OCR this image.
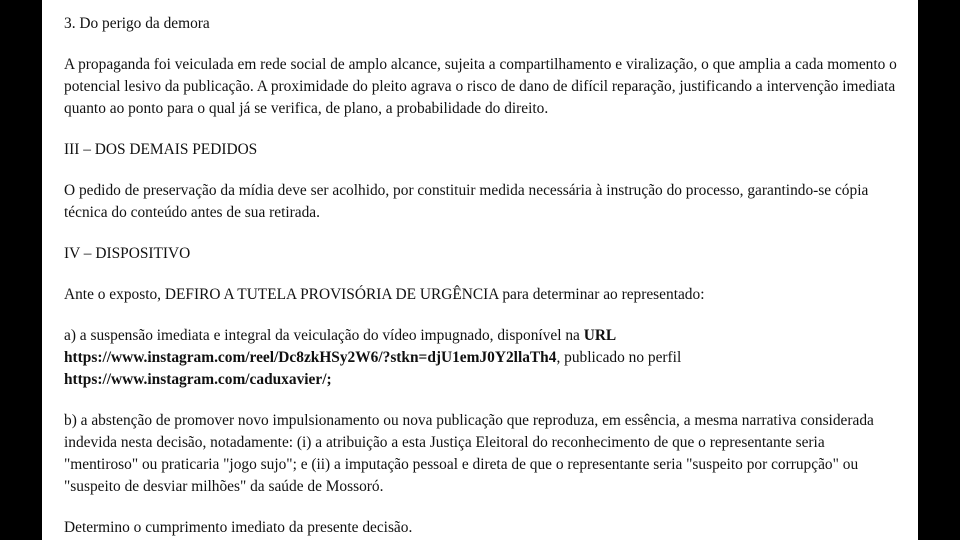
3. Do perigo da demora

A propaganda foi veiculada em rede social de amplo alcance, sujeita a compartilhamento e viralização, o que amplia a cada momento o potencial lesivo da publicação. A proximidade do pleito agrava o risco de dano de difícil reparação, justificando a intervenção imediata quanto ao ponto para o qual já se verifica, de plano, a probabilidade do direito.

III – DOS DEMAIS PEDIDOS

O pedido de preservação da mídia deve ser acolhido, por constituir medida necessária à instrução do processo, garantindo-se cópia técnica do conteúdo antes de sua retirada.

IV – DISPOSITIVO

Ante o exposto, DEFIRO A TUTELA PROVISÓRIA DE URGÊNCIA para determinar ao representado:

a) a suspensão imediata e integral da veiculação do vídeo impugnado, disponível na URL
https://www.instagram.com/reel/Dc8zkHSy2W6/?stkn=djU1emJ0Y2llaTh4, publicado no perfil
https://www.instagram.com/caduxavier/;

b) a abstenção de promover novo impulsionamento ou nova publicação que reproduza, em essência, a mesma narrativa considerada indevida nesta decisão, notadamente: (i) a atribuição a esta Justiça Eleitoral do reconhecimento de que o representante seria "mentiroso" ou praticaria "jogo sujo"; e (ii) a imputação pessoal e direta de que o representante seria "suspeito por corrupção" ou "suspeito de desviar milhões" da saúde de Mossoró.

Determino o cumprimento imediato da presente decisão.
